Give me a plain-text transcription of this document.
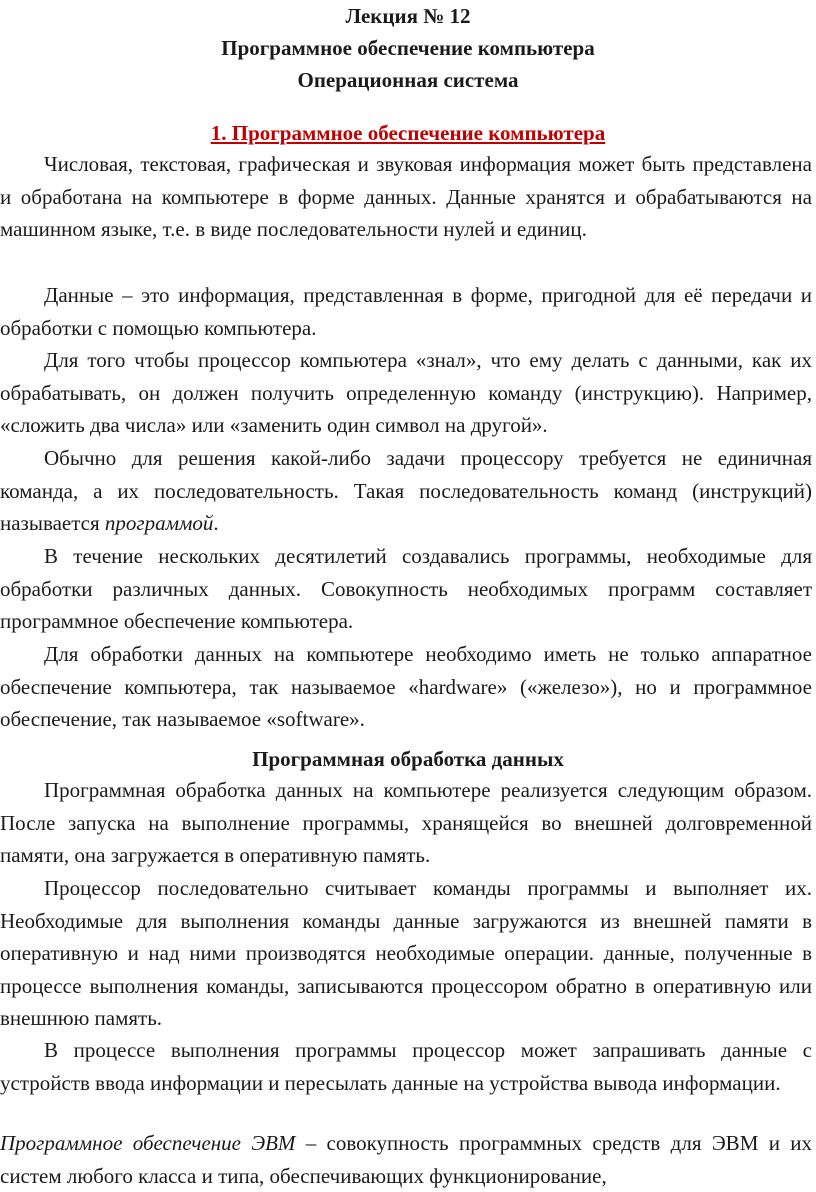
Лекция № 12
Программное обеспечение компьютера
Операционная система
1. Программное обеспечение компьютера
Числовая, текстовая, графическая и звуковая информация может быть представлена и обработана на компьютере в форме данных. Данные хранятся и обрабатываются на машинном языке, т.е. в виде последовательности нулей и единиц.
Данные – это информация, представленная в форме, пригодной для её передачи и обработки с помощью компьютера.
Для того чтобы процессор компьютера «знал», что ему делать с данными, как их обрабатывать, он должен получить определенную команду (инструкцию). Например, «сложить два числа» или «заменить один символ на другой».
Обычно для решения какой-либо задачи процессору требуется не единичная команда, а их последовательность. Такая последовательность команд (инструкций) называется программой.
В течение нескольких десятилетий создавались программы, необходимые для обработки различных данных. Совокупность необходимых программ составляет программное обеспечение компьютера.
Для обработки данных на компьютере необходимо иметь не только аппаратное обеспечение компьютера, так называемое «hardware» («железо»), но и программное обеспечение, так называемое «software».
Программная обработка данных
Программная обработка данных на компьютере реализуется следующим образом. После запуска на выполнение программы, хранящейся во внешней долговременной памяти, она загружается в оперативную память.
Процессор последовательно считывает команды программы и выполняет их. Необходимые для выполнения команды данные загружаются из внешней памяти в оперативную и над ними производятся необходимые операции. данные, полученные в процессе выполнения команды, записываются процессором обратно в оперативную или внешнюю память.
В процессе выполнения программы процессор может запрашивать данные с устройств ввода информации и пересылать данные на устройства вывода информации.
Программное обеспечение ЭВМ – совокупность программных средств для ЭВМ и их систем любого класса и типа, обеспечивающих функционирование,
